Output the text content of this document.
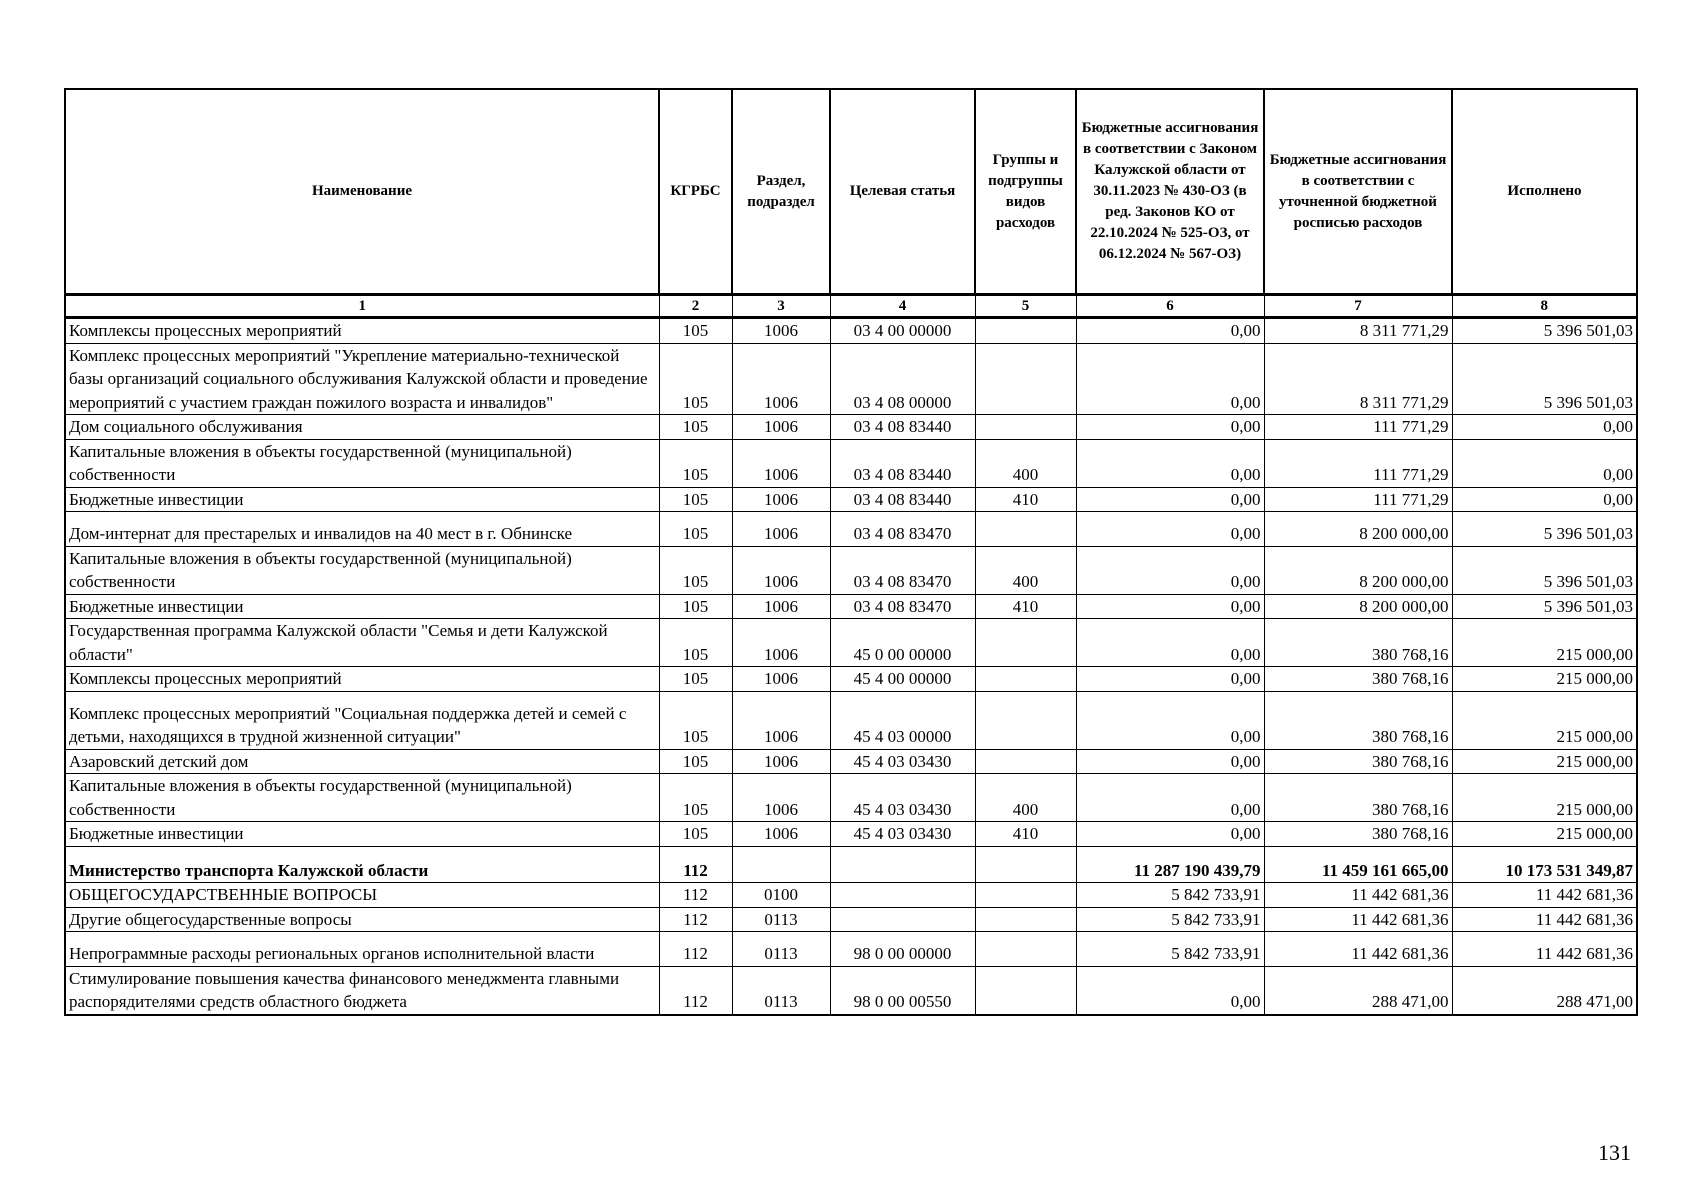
Наименование	КГРБС	Раздел, подраздел	Целевая статья	Группы и подгруппы видов расходов	Бюджетные ассигнования в соответствии с Законом Калужской области от 30.11.2023 № 430-ОЗ (в ред. Законов КО от 22.10.2024 № 525-ОЗ, от 06.12.2024 № 567-ОЗ)	Бюджетные ассигнования в соответствии с уточненной бюджетной росписью расходов	Исполнено
1	2	3	4	5	6	7	8
Комплексы процессных мероприятий	105	1006	03 4 00 00000		0,00	8 311 771,29	5 396 501,03
Комплекс процессных мероприятий "Укрепление материально-технической базы организаций социального обслуживания Калужской области и проведение мероприятий с участием граждан пожилого возраста и инвалидов"	105	1006	03 4 08 00000		0,00	8 311 771,29	5 396 501,03
Дом социального обслуживания	105	1006	03 4 08 83440		0,00	111 771,29	0,00
Капитальные вложения в объекты государственной (муниципальной) собственности	105	1006	03 4 08 83440	400	0,00	111 771,29	0,00
Бюджетные инвестиции	105	1006	03 4 08 83440	410	0,00	111 771,29	0,00
Дом-интернат для престарелых и инвалидов на 40 мест в г. Обнинске	105	1006	03 4 08 83470		0,00	8 200 000,00	5 396 501,03
Капитальные вложения в объекты государственной (муниципальной) собственности	105	1006	03 4 08 83470	400	0,00	8 200 000,00	5 396 501,03
Бюджетные инвестиции	105	1006	03 4 08 83470	410	0,00	8 200 000,00	5 396 501,03
Государственная программа Калужской области "Семья и дети Калужской области"	105	1006	45 0 00 00000		0,00	380 768,16	215 000,00
Комплексы процессных мероприятий	105	1006	45 4 00 00000		0,00	380 768,16	215 000,00
Комплекс процессных мероприятий "Социальная поддержка детей и семей с детьми, находящихся в трудной жизненной ситуации"	105	1006	45 4 03 00000		0,00	380 768,16	215 000,00
Азаровский детский дом	105	1006	45 4 03 03430		0,00	380 768,16	215 000,00
Капитальные вложения в объекты государственной (муниципальной) собственности	105	1006	45 4 03 03430	400	0,00	380 768,16	215 000,00
Бюджетные инвестиции	105	1006	45 4 03 03430	410	0,00	380 768,16	215 000,00
Министерство транспорта Калужской области	112				11 287 190 439,79	11 459 161 665,00	10 173 531 349,87
ОБЩЕГОСУДАРСТВЕННЫЕ ВОПРОСЫ	112	0100			5 842 733,91	11 442 681,36	11 442 681,36
Другие общегосударственные вопросы	112	0113			5 842 733,91	11 442 681,36	11 442 681,36
Непрограммные расходы региональных органов исполнительной власти	112	0113	98 0 00 00000		5 842 733,91	11 442 681,36	11 442 681,36
Стимулирование повышения качества финансового менеджмента главными распорядителями средств областного бюджета	112	0113	98 0 00 00550		0,00	288 471,00	288 471,00
131
